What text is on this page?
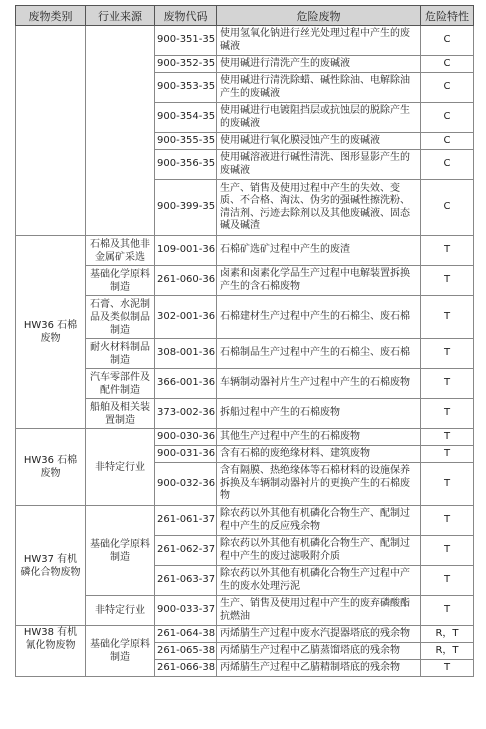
废物类别	行业来源	废物代码	危险废物	危险特性
		900-351-35	使用氢氧化钠进行丝光处理过程中产生的废碱液	C
		900-352-35	使用碱进行清洗产生的废碱液	C
		900-353-35	使用碱进行清洗除蜡、碱性除油、电解除油产生的废碱液	C
		900-354-35	使用碱进行电镀阻挡层或抗蚀层的脱除产生的废碱液	C
		900-355-35	使用碱进行氧化膜浸蚀产生的废碱液	C
		900-356-35	使用碱溶液进行碱性清洗、图形显影产生的废碱液	C
		900-399-35	生产、销售及使用过程中产生的失效、变质、不合格、淘汰、伪劣的强碱性擦洗粉、清洁剂、污迹去除剂以及其他废碱液、固态碱及碱渣	C
HW36 石棉废物	石棉及其他非金属矿采选	109-001-36	石棉矿选矿过程中产生的废渣	T
	基础化学原料制造	261-060-36	卤素和卤素化学品生产过程中电解装置拆换产生的含石棉废物	T
	石膏、水泥制品及类似制品制造	302-001-36	石棉建材生产过程中产生的石棉尘、废石棉	T
	耐火材料制品制造	308-001-36	石棉制品生产过程中产生的石棉尘、废石棉	T
	汽车零部件及配件制造	366-001-36	车辆制动器衬片生产过程中产生的石棉废物	T
	船舶及相关装置制造	373-002-36	拆船过程中产生的石棉废物	T
HW36 石棉废物	非特定行业	900-030-36	其他生产过程中产生的石棉废物	T
		900-031-36	含有石棉的废绝缘材料、建筑废物	T
		900-032-36	含有隔膜、热绝缘体等石棉材料的设施保养拆换及车辆制动器衬片的更换产生的石棉废物	T
HW37 有机磷化合物废物	基础化学原料制造	261-061-37	除农药以外其他有机磷化合物生产、配制过程中产生的反应残余物	T
		261-062-37	除农药以外其他有机磷化合物生产、配制过程中产生的废过滤吸附介质	T
		261-063-37	除农药以外其他有机磷化合物生产过程中产生的废水处理污泥	T
	非特定行业	900-033-37	生产、销售及使用过程中产生的废弃磷酸酯抗燃油	T
HW38 有机氰化物废物	基础化学原料制造	261-064-38	丙烯腈生产过程中废水汽提器塔底的残余物	R，T
		261-065-38	丙烯腈生产过程中乙腈蒸馏塔底的残余物	R，T
		261-066-38	丙烯腈生产过程中乙腈精制塔底的残余物	T
